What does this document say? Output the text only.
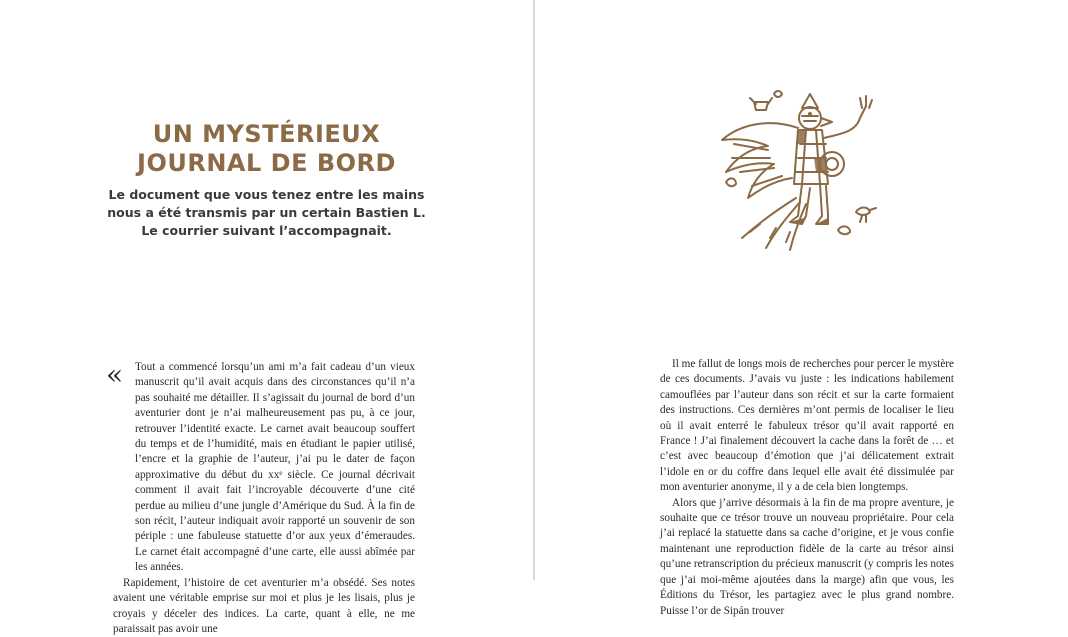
UN MYSTÉRIEUX
JOURNAL DE BORD
Le document que vous tenez entre les mains
nous a été transmis par un certain Bastien L.
Le courrier suivant l’accompagnait.
«	Tout a commencé lorsqu’un ami m’a fait cadeau d’un vieux manuscrit qu’il avait acquis dans des circonstances qu’il n’a pas souhaité me détailler. Il s’agissait du journal de bord d’un aventurier dont je n’ai malheureusement pas pu, à ce jour, retrouver l’identité exacte. Le carnet avait beaucoup souffert du temps et de l’humidité, mais en étudiant le papier utilisé, l’encre et la graphie de l’auteur, j’ai pu le dater de façon approximative du début du xxᵉ siècle. Ce journal décrivait comment il avait fait l’incroyable découverte d’une cité perdue au milieu d’une jungle d’Amérique du Sud. À la fin de son récit, l’auteur indiquait avoir rapporté un souvenir de son périple : une fabuleuse statuette d’or aux yeux d’émeraudes. Le carnet était accompagné d’une carte, elle aussi abîmée par les années.

Rapidement, l’histoire de cet aventurier m’a obsédé. Ses notes avaient une véritable emprise sur moi et plus je les lisais, plus je croyais y déceler des indices. La carte, quant à elle, ne me paraissait pas avoir une

Il me fallut de longs mois de recherches pour percer le mystère de ces documents. J’avais vu juste : les indications habilement camouflées par l’auteur dans son récit et sur la carte formaient des instructions. Ces dernières m’ont permis de localiser le lieu où il avait enterré le fabuleux trésor qu’il avait rapporté en France ! J’ai finalement découvert la cache dans la forêt de … et c’est avec beaucoup d’émotion que j’ai délicatement extrait l’idole en or du coffre dans lequel elle avait été dissimulée par mon aventurier anonyme, il y a de cela bien longtemps.

Alors que j’arrive désormais à la fin de ma propre aventure, je souhaite que ce trésor trouve un nouveau propriétaire. Pour cela j’ai replacé la statuette dans sa cache d’origine, et je vous confie maintenant une reproduction fidèle de la carte au trésor ainsi qu’une retranscription du précieux manuscrit (y compris les notes que j’ai moi-même ajoutées dans la marge) afin que vous, les Éditions du Trésor, les partagiez avec le plus grand nombre. Puisse l’or de Sipán trouver
